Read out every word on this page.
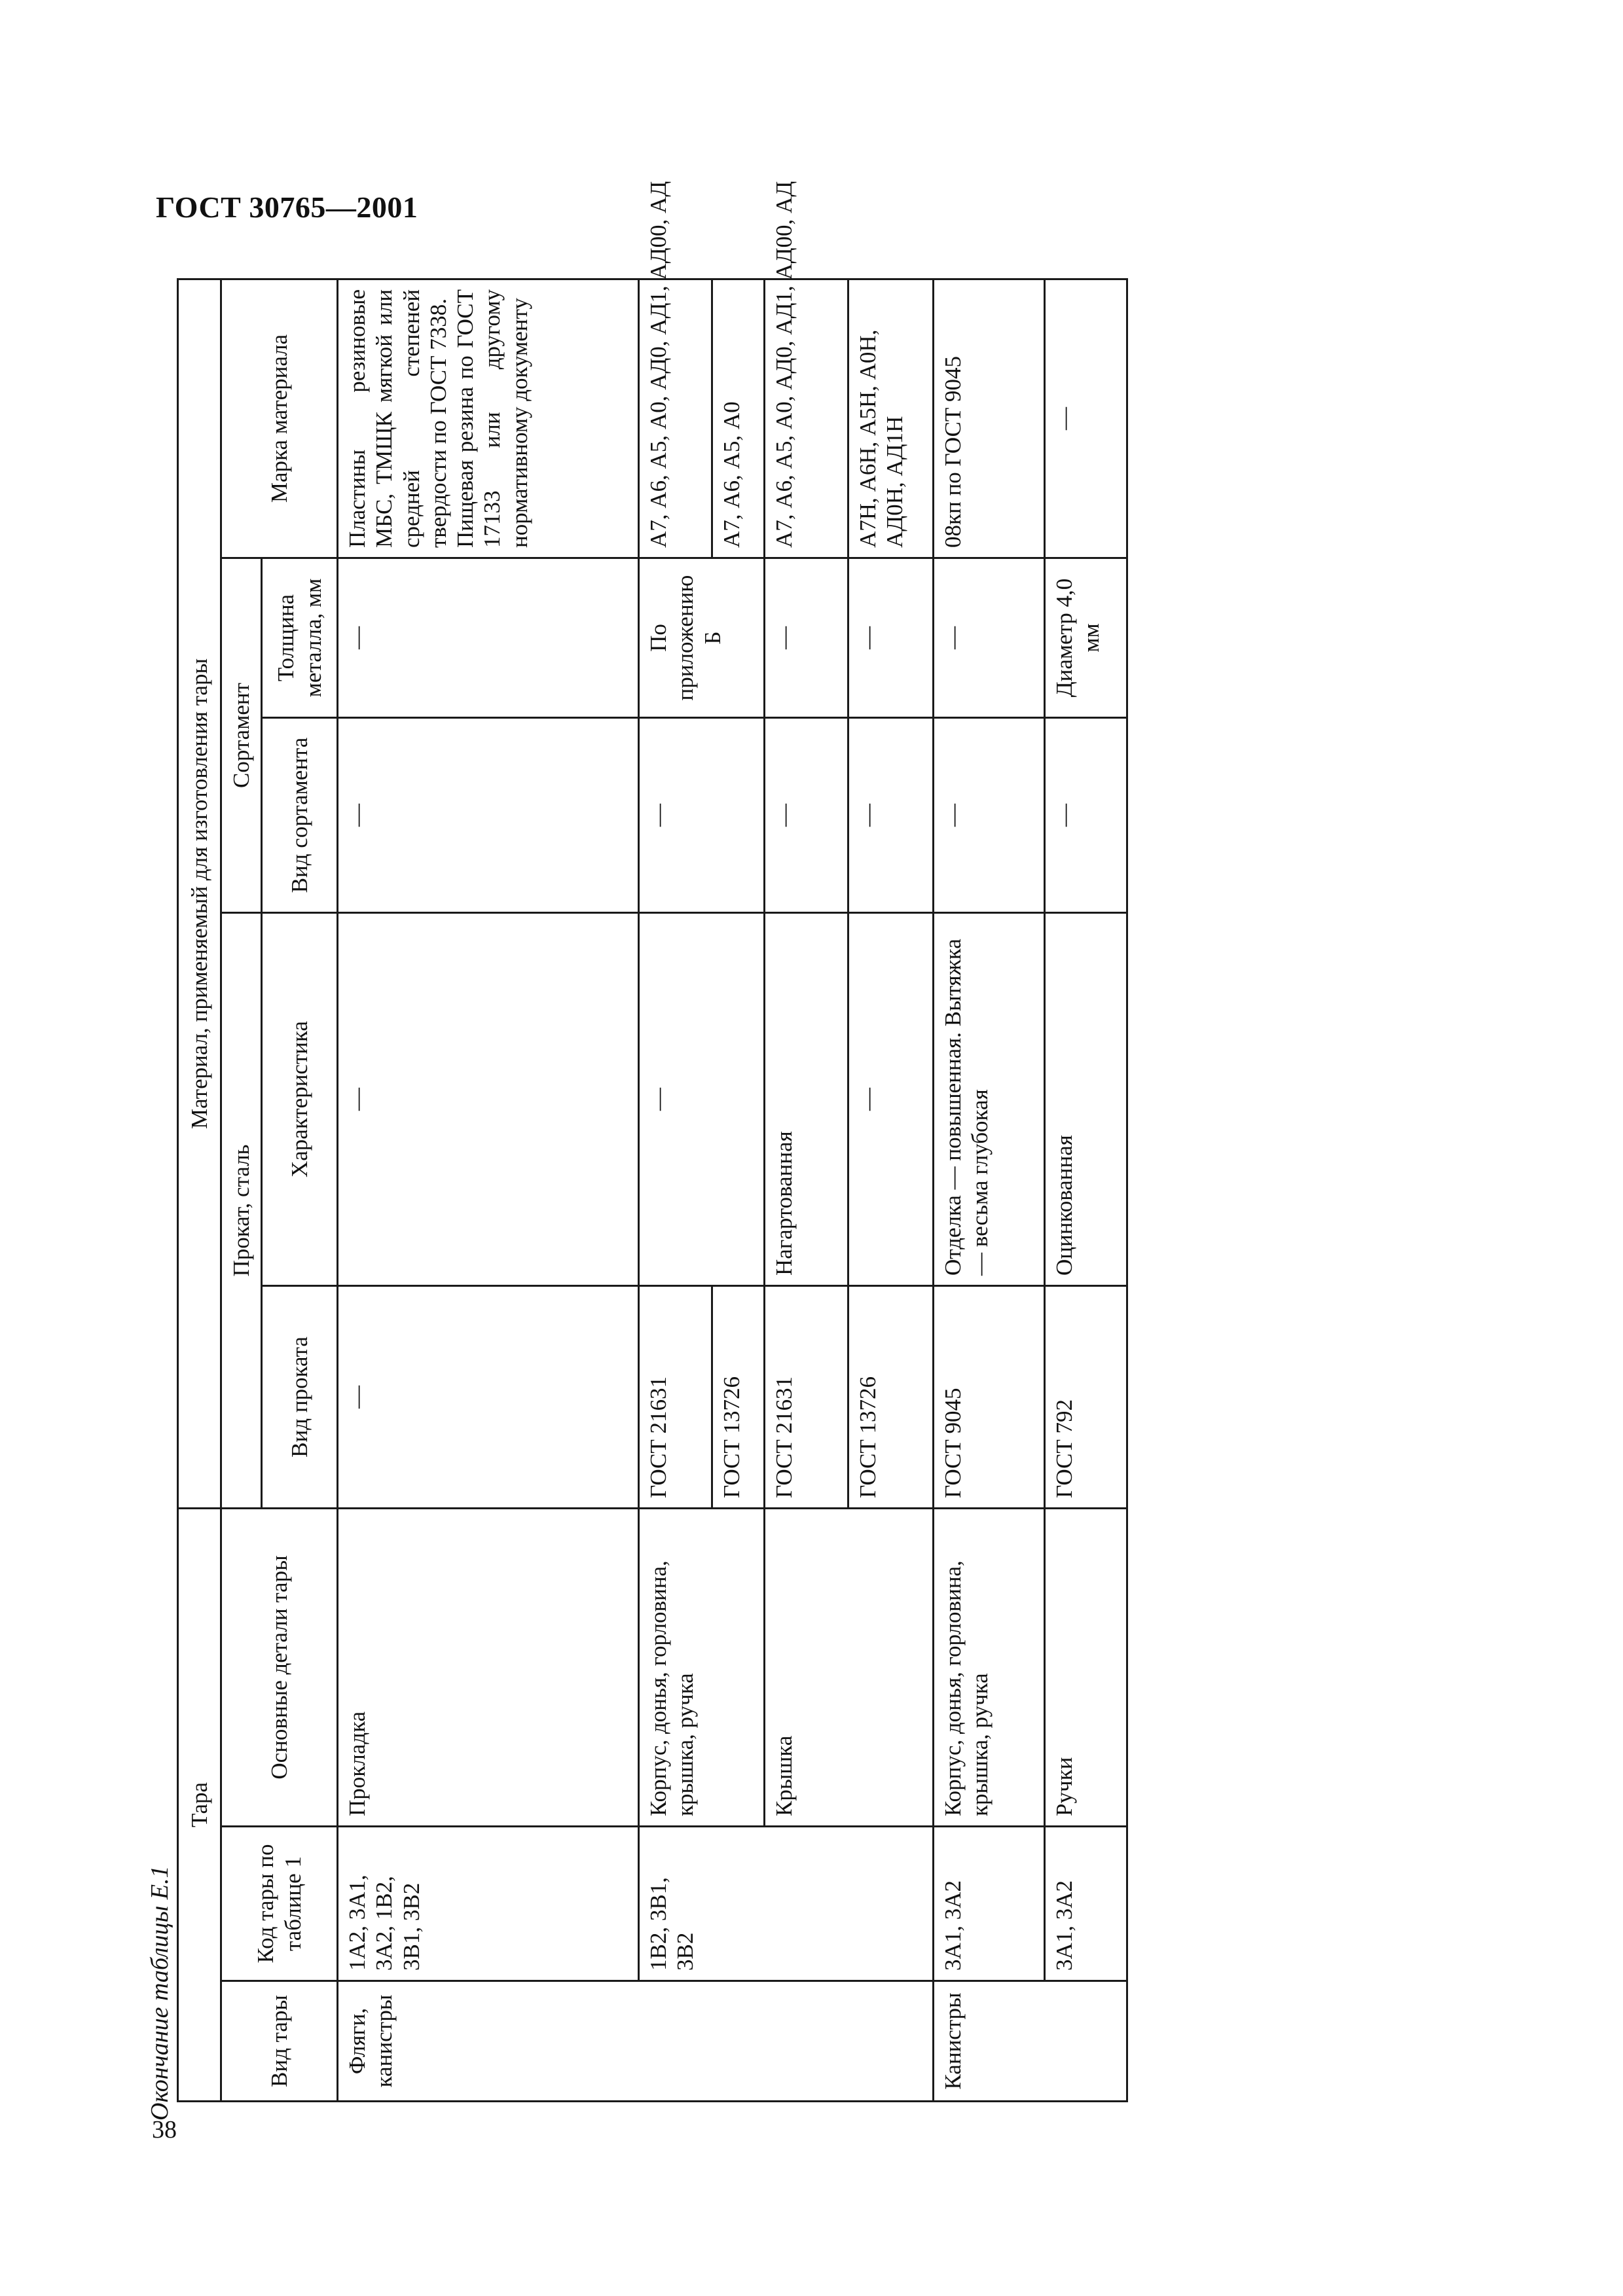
ГОСТ 30765—2001
Окончание таблицы Е.1
38
Тара			Материал, применяемый для изготовления тары				
Вид тары	Код тары по таблице 1	Основные детали тары	Прокат, сталь		Сортамент		Марка материала
			Вид проката	Характеристика	Вид сортамента	Толщина металла, мм	

Фляги, канистры	1А2, 3А1, 3А2, 1В2, 3В1, 3В2	Прокладка	—	—	—	—	Пластины резиновые МБС, ТМЩК мягкой или средней степеней твердости по ГОСТ 7338. Пищевая резина по ГОСТ 17133 или другому нормативному документу

	1В2, 3В1, 3В2	Корпус, донья, горловина, крышка, ручка	ГОСТ 21631	—	—	По приложению Б	А7, А6, А5, А0, АД0, АД1, АД00, АД
			ГОСТ 13726				А7, А6, А5, А0
		Крышка	ГОСТ 21631	Нагартованная	—	—	А7, А6, А5, А0, АД0, АД1, АД00, АД
			ГОСТ 13726	—	—	—	А7Н, А6Н, А5Н, А0Н, АД0Н, АД1Н

Канистры	3А1, 3А2	Корпус, донья, горловина, крышка, ручка	ГОСТ 9045	Отделка — повышенная. Вытяжка — весьма глубокая	—	—	08кп по ГОСТ 9045
	3А1, 3А2	Ручки	ГОСТ 792	Оцинкованная	—	Диаметр 4,0 мм	—
